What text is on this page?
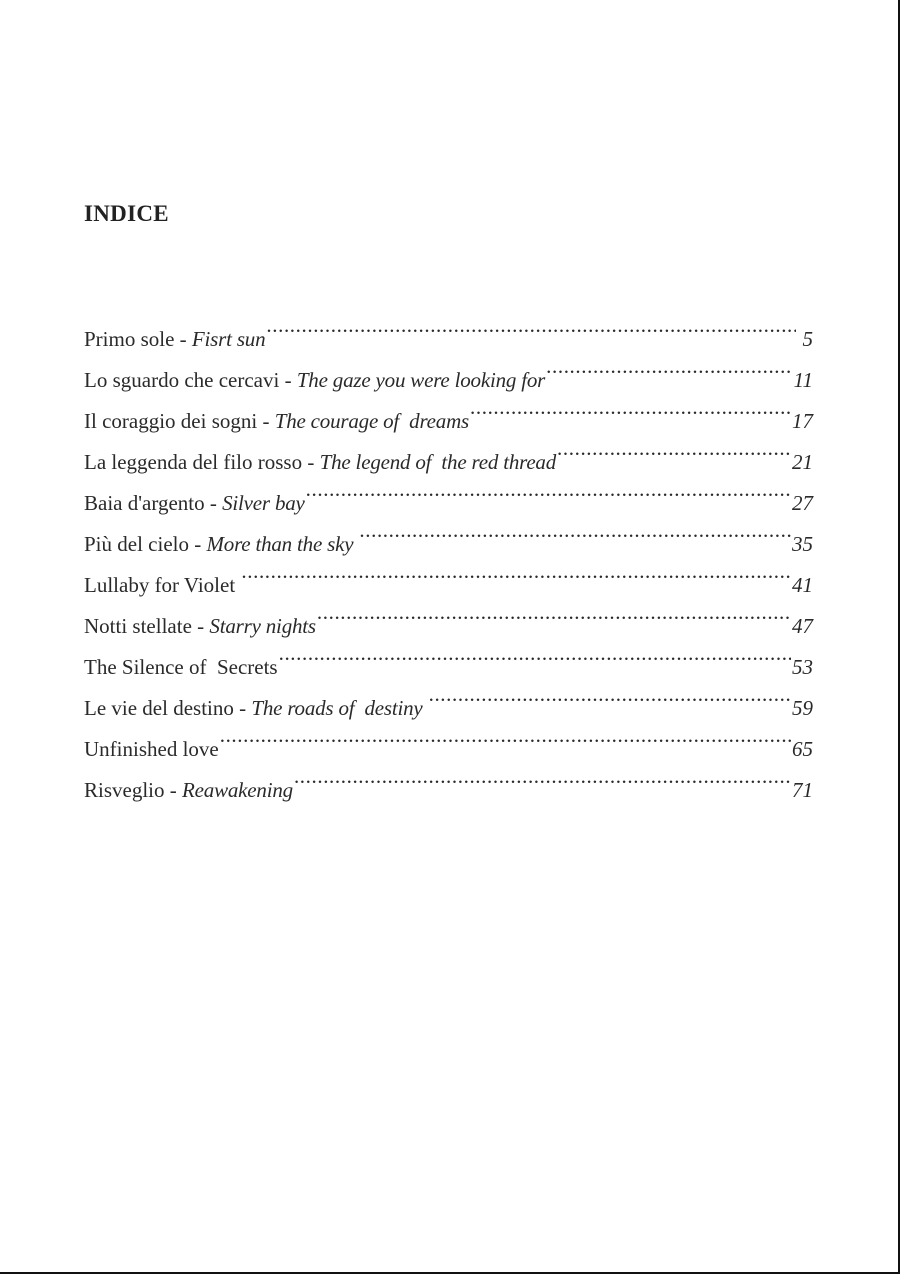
INDICE
Primo sole - Fisrt sun .....	5
Lo sguardo che cercavi - The gaze you were looking for .....	11
Il coraggio dei sogni - The courage of  dreams .....	17
La leggenda del filo rosso - The legend of  the red thread .....	21
Baia d'argento - Silver bay .....	27
Più del cielo - More than the sky .....	35
Lullaby for Violet .....	41
Notti stellate - Starry nights .....	47
The Silence of  Secrets .....	53
Le vie del destino - The roads of  destiny .....	59
Unfinished love .....	65
Risveglio - Reawakening .....	71
